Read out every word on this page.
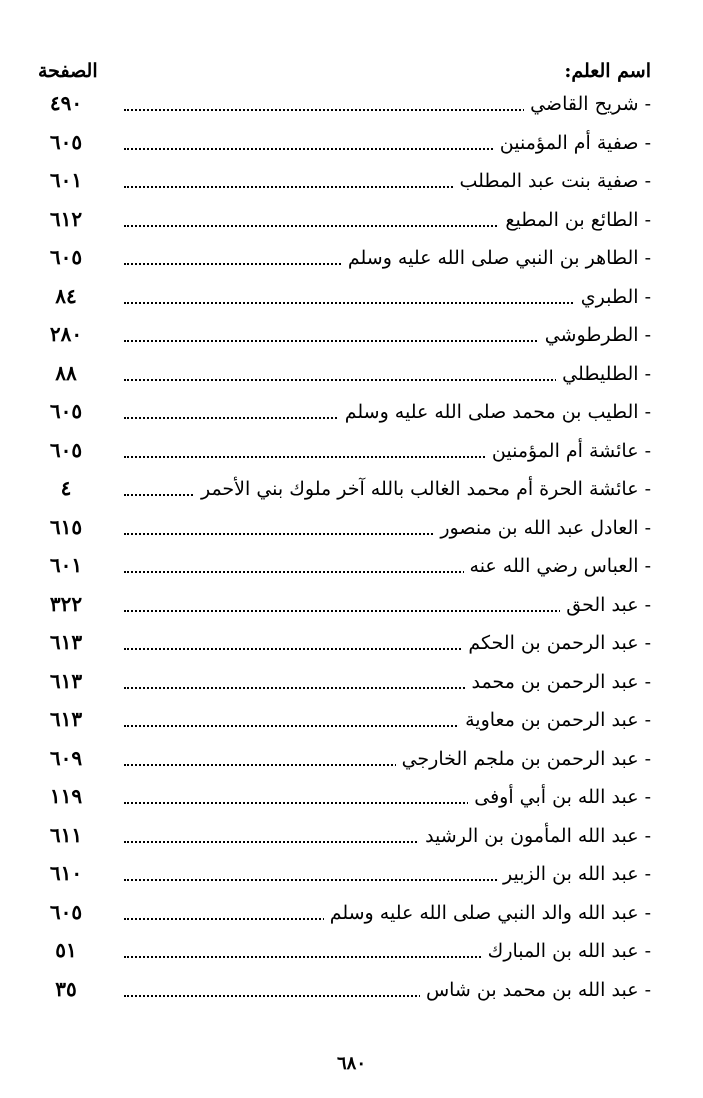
الصفحة	اسم العلم:
- شريح القاضي
٤٩٠
- صفية أم المؤمنين
٦٠٥
- صفية بنت عبد المطلب
٦٠١
- الطائع بن المطيع
٦١٢
- الطاهر بن النبي صلى الله عليه وسلم
٦٠٥
- الطبري
٨٤
- الطرطوشي
٢٨٠
- الطليطلي
٨٨
- الطيب بن محمد صلى الله عليه وسلم
٦٠٥
- عائشة أم المؤمنين
٦٠٥
- عائشة الحرة أم محمد الغالب بالله آخر ملوك بني الأحمر
٤
- العادل عبد الله بن منصور
٦١٥
- العباس رضي الله عنه
٦٠١
- عبد الحق
٣٢٢
- عبد الرحمن بن الحكم
٦١٣
- عبد الرحمن بن محمد
٦١٣
- عبد الرحمن بن معاوية
٦١٣
- عبد الرحمن بن ملجم الخارجي
٦٠٩
- عبد الله بن أبي أوفى
١١٩
- عبد الله المأمون بن الرشيد
٦١١
- عبد الله بن الزبير
٦١٠
- عبد الله والد النبي صلى الله عليه وسلم
٦٠٥
- عبد الله بن المبارك
٥١
- عبد الله بن محمد بن شاس
٣٥
٦٨٠
